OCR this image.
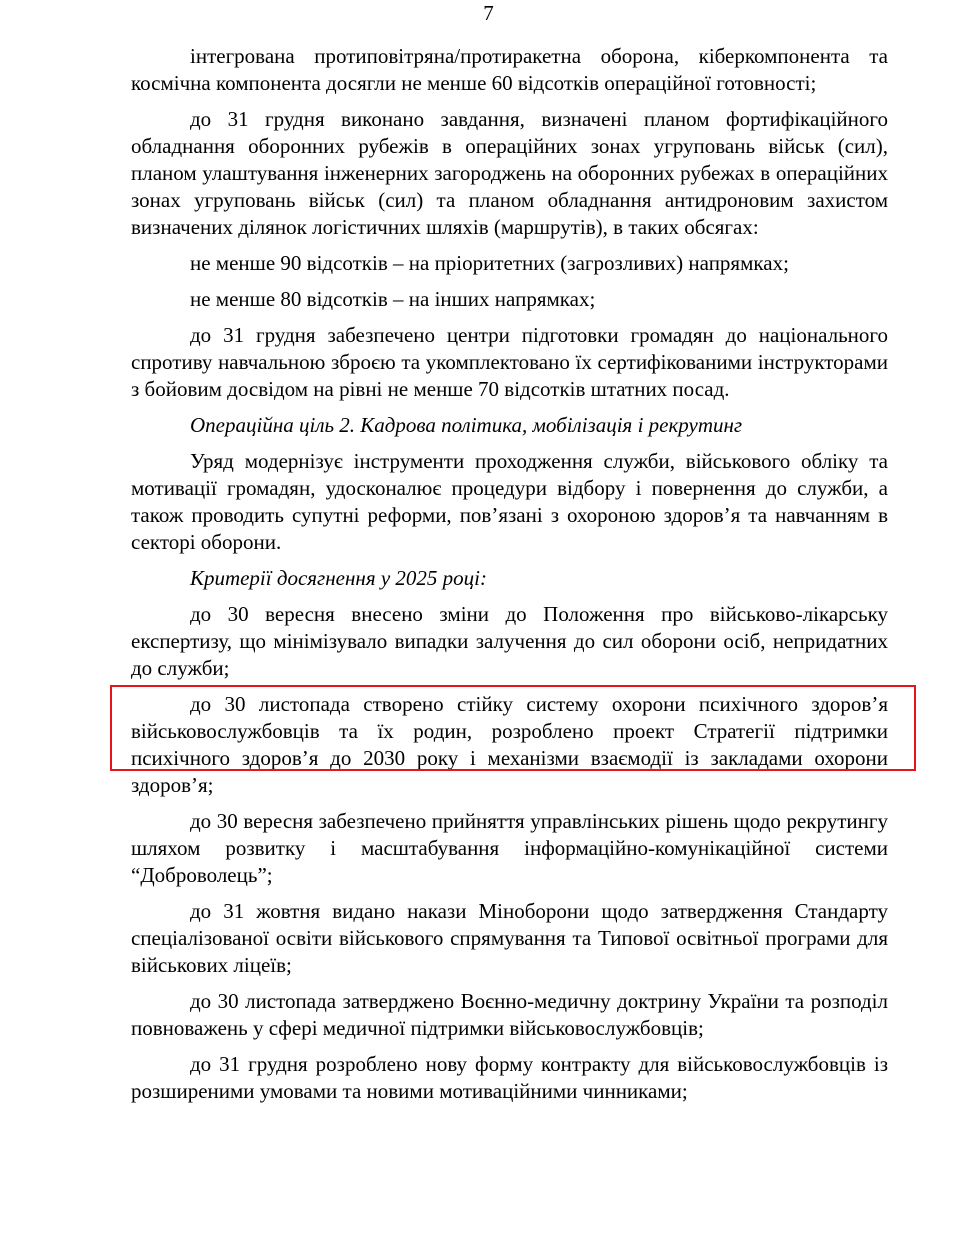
7

інтегрована протиповітряна/протиракетна оборона, кіберкомпонента та космічна компонента досягли не менше 60 відсотків операційної готовності;

до 31 грудня виконано завдання, визначені планом фортифікаційного обладнання оборонних рубежів в операційних зонах угруповань військ (сил), планом улаштування інженерних загороджень на оборонних рубежах в операційних зонах угруповань військ (сил) та планом обладнання антидроновим захистом визначених ділянок логістичних шляхів (маршрутів), в таких обсягах:

не менше 90 відсотків – на пріоритетних (загрозливих) напрямках;

не менше 80 відсотків – на інших напрямках;

до 31 грудня забезпечено центри підготовки громадян до національного спротиву навчальною зброєю та укомплектовано їх сертифікованими інструкторами з бойовим досвідом на рівні не менше 70 відсотків штатних посад.

Операційна ціль 2. Кадрова політика, мобілізація і рекрутинг

Уряд модернізує інструменти проходження служби, військового обліку та мотивації громадян, удосконалює процедури відбору і повернення до служби, а також проводить супутні реформи, пов’язані з охороною здоров’я та навчанням в секторі оборони.

Критерії досягнення у 2025 році:

до 30 вересня внесено зміни до Положення про військово-лікарську експертизу, що мінімізувало випадки залучення до сил оборони осіб, непридатних до служби;

до 30 листопада створено стійку систему охорони психічного здоров’я військовослужбовців та їх родин, розроблено проект Стратегії підтримки психічного здоров’я до 2030 року і механізми взаємодії із закладами охорони здоров’я;

до 30 вересня забезпечено прийняття управлінських рішень щодо рекрутингу шляхом розвитку і масштабування інформаційно-комунікаційної системи “Доброволець”;

до 31 жовтня видано накази Міноборони щодо затвердження Стандарту спеціалізованої освіти військового спрямування та Типової освітньої програми для військових ліцеїв;

до 30 листопада затверджено Воєнно-медичну доктрину України та розподіл повноважень у сфері медичної підтримки військовослужбовців;

до 31 грудня розроблено нову форму контракту для військовослужбовців із розширеними умовами та новими мотиваційними чинниками;
